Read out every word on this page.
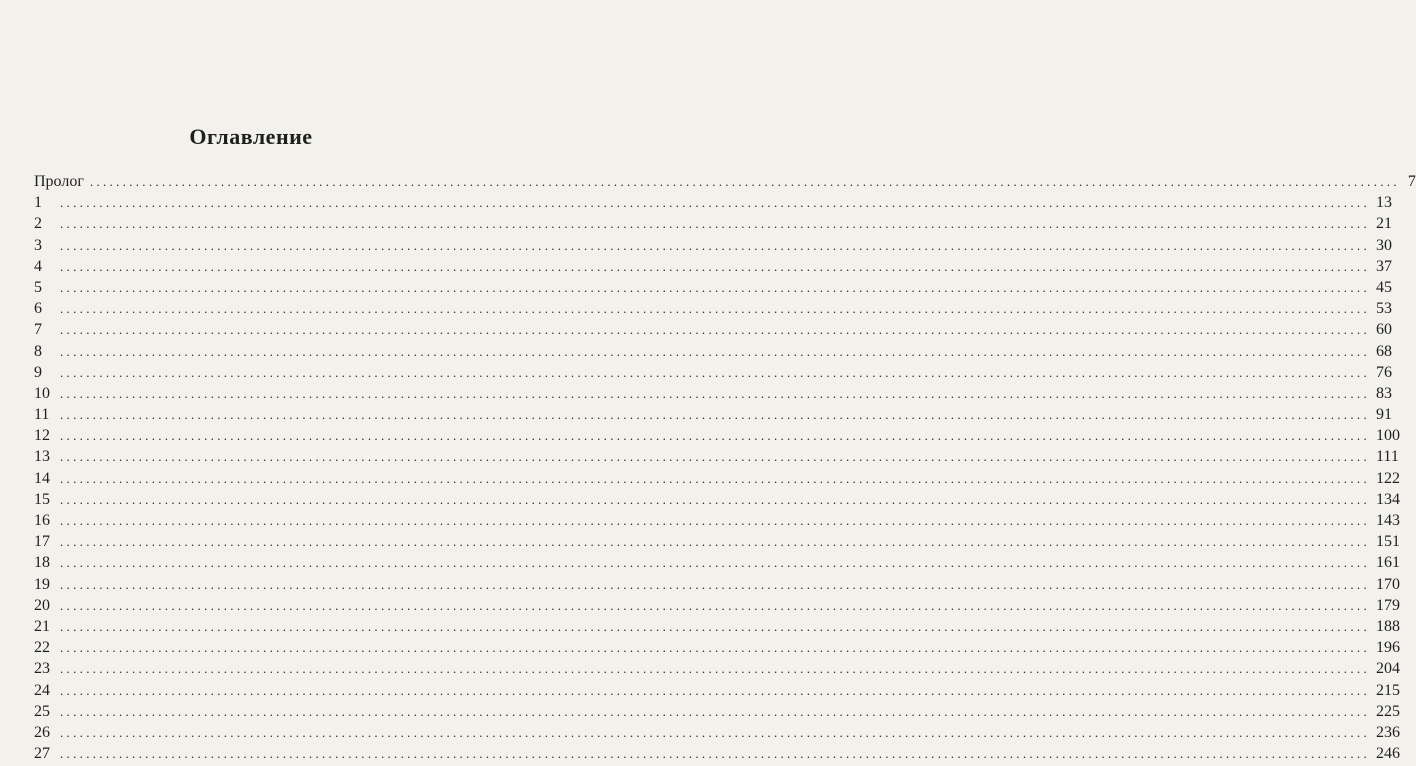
Оглавление
Пролог ........................................................................................................................................................................................................ 7
1	........................................................................................................................................................................................................ 13
2	........................................................................................................................................................................................................ 21
3	........................................................................................................................................................................................................ 30
4	........................................................................................................................................................................................................ 37
5	........................................................................................................................................................................................................ 45
6	........................................................................................................................................................................................................ 53
7	........................................................................................................................................................................................................ 60
8	........................................................................................................................................................................................................ 68
9	........................................................................................................................................................................................................ 76
10 ........................................................................................................................................................................................................ 83
11 ........................................................................................................................................................................................................ 91
12 ........................................................................................................................................................................................................ 100
13 ........................................................................................................................................................................................................ 111
14 ........................................................................................................................................................................................................ 122
15 ........................................................................................................................................................................................................ 134
16 ........................................................................................................................................................................................................ 143
17 ........................................................................................................................................................................................................ 151
18 ........................................................................................................................................................................................................ 161
19 ........................................................................................................................................................................................................ 170
20 ........................................................................................................................................................................................................ 179
21 ........................................................................................................................................................................................................ 188
22 ........................................................................................................................................................................................................ 196
23 ........................................................................................................................................................................................................ 204
24 ........................................................................................................................................................................................................ 215
25 ........................................................................................................................................................................................................ 225
26 ........................................................................................................................................................................................................ 236
27 ........................................................................................................................................................................................................ 246
